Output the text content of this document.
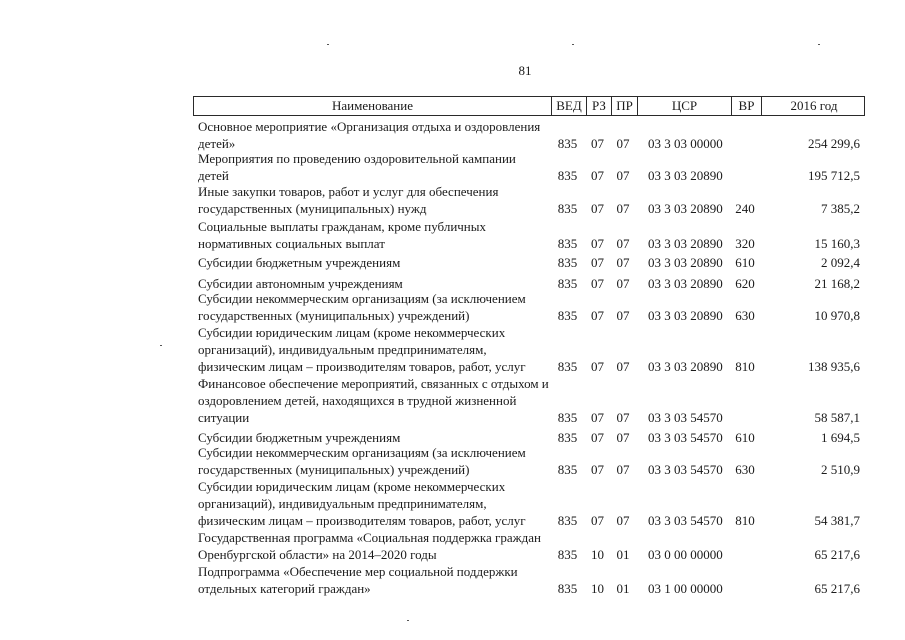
81
Наименование	ВЕД РЗ ПР	ЦСР	ВР	2016 год
Основное мероприятие «Организация отдыха и оздоровления
детей»	835	07 07	03 3 03 00000	254 299,6
Мероприятия по проведению оздоровительной кампании
детей	835	07 07	03 3 03 20890	195 712,5
Иные закупки товаров, работ и услуг для обеспечения
государственных (муниципальных) нужд	835	07 07	03 3 03 20890 240	7 385,2
Социальные выплаты гражданам, кроме публичных
нормативных социальных выплат	835	07 07	03 3 03 20890 320	15 160,3
Субсидии бюджетным учреждениям	835	07 07	03 3 03 20890 610	2 092,4
Субсидии автономным учреждениям	835	07 07	03 3 03 20890 620	21 168,2
Субсидии некоммерческим организациям (за исключением
государственных (муниципальных) учреждений)	835	07 07	03 3 03 20890 630	10 970,8
Субсидии юридическим лицам (кроме некоммерческих
организаций), индивидуальным предпринимателям,
физическим лицам – производителям товаров, работ, услуг	835	07 07	03 3 03 20890 810	138 935,6
Финансовое обеспечение мероприятий, связанных с отдыхом и
оздоровлением детей, находящихся в трудной жизненной
ситуации	835	07 07	03 3 03 54570	58 587,1
Субсидии бюджетным учреждениям	835	07 07	03 3 03 54570 610	1 694,5
Субсидии некоммерческим организациям (за исключением
государственных (муниципальных) учреждений)	835	07 07	03 3 03 54570 630	2 510,9
Субсидии юридическим лицам (кроме некоммерческих
организаций), индивидуальным предпринимателям,
физическим лицам – производителям товаров, работ, услуг	835	07 07	03 3 03 54570 810	54 381,7
Государственная программа «Социальная поддержка граждан
Оренбургской области» на 2014–2020 годы	835	10 01	03 0 00 00000	65 217,6
Подпрограмма «Обеспечение мер социальной поддержки
отдельных категорий граждан»	835	10 01	03 1 00 00000	65 217,6
